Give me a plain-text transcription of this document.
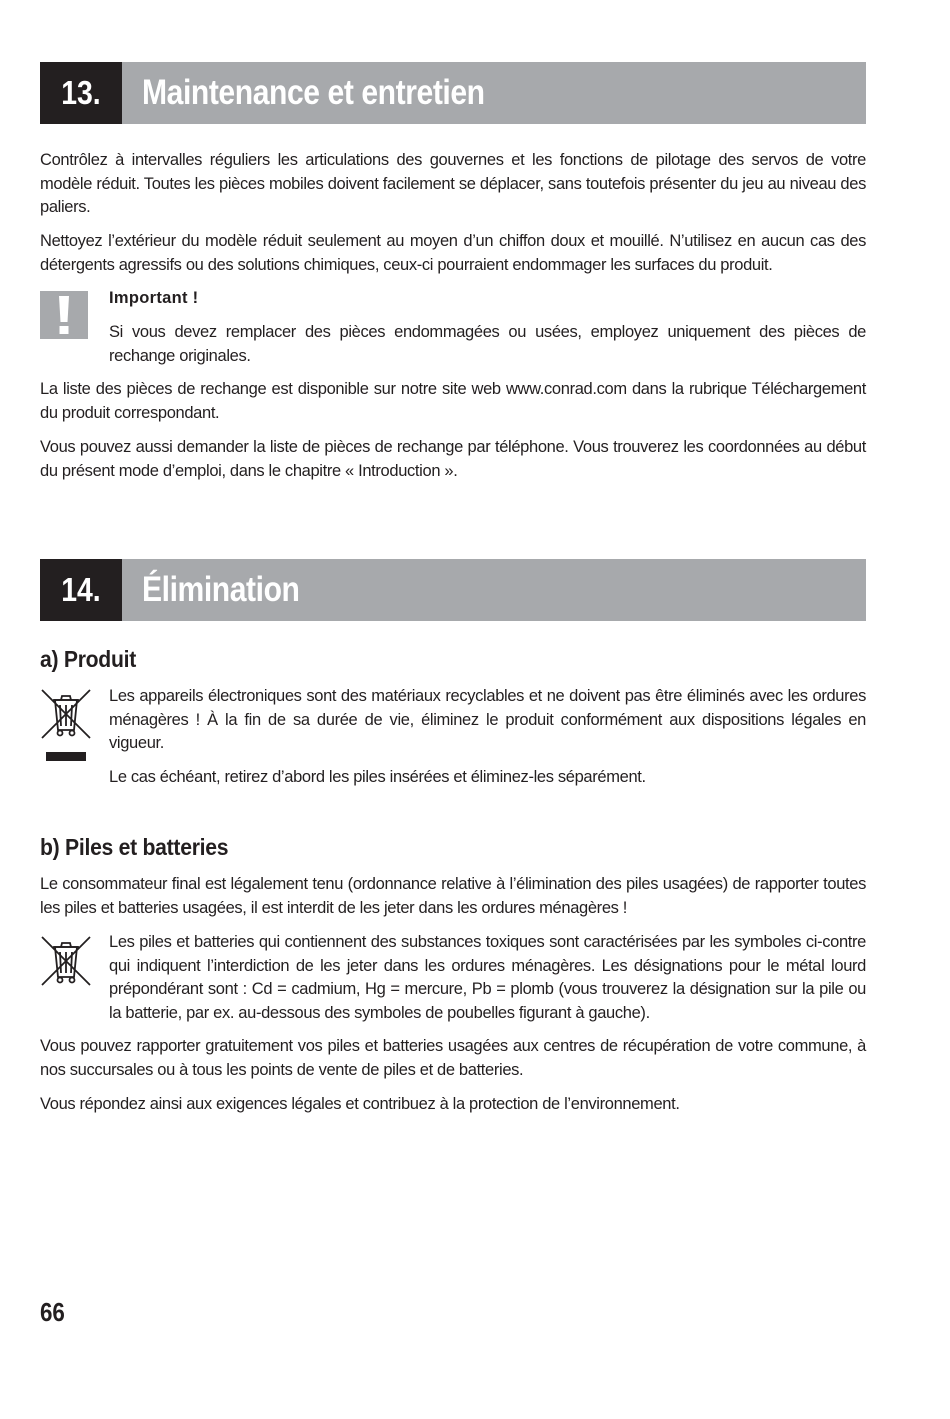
13. Maintenance et entretien

Contrôlez à intervalles réguliers les articulations des gouvernes et les fonctions de pilotage des servos de votre modèle réduit. Toutes les pièces mobiles doivent facilement se déplacer, sans toutefois présenter du jeu au niveau des paliers.

Nettoyez l’extérieur du modèle réduit seulement au moyen d’un chiffon doux et mouillé. N’utilisez en aucun cas des détergents agressifs ou des solutions chimiques, ceux-ci pourraient endommager les surfaces du produit.

Important !

Si vous devez remplacer des pièces endommagées ou usées, employez uniquement des pièces de rechange originales.

La liste des pièces de rechange est disponible sur notre site web www.conrad.com dans la rubrique Téléchargement du produit correspondant.

Vous pouvez aussi demander la liste de pièces de rechange par téléphone. Vous trouverez les coordonnées au début du présent mode d’emploi, dans le chapitre « Introduction ».

14. Élimination
a) Produit

Les appareils électroniques sont des matériaux recyclables et ne doivent pas être éliminés avec les ordures ménagères ! À la fin de sa durée de vie, éliminez le produit conformément aux dispositions légales en vigueur.

Le cas échéant, retirez d’abord les piles insérées et éliminez-les séparément.

b) Piles et batteries

Le consommateur final est légalement tenu (ordonnance relative à l’élimination des piles usagées) de rapporter toutes les piles et batteries usagées, il est interdit de les jeter dans les ordures ménagères !

Les piles et batteries qui contiennent des substances toxiques sont caractérisées par les symboles ci-contre qui indiquent l’interdiction de les jeter dans les ordures ménagères. Les désignations pour le métal lourd prépondérant sont : Cd = cadmium, Hg = mercure, Pb = plomb (vous trouverez la désignation sur la pile ou la batterie, par ex. au-dessous des symboles de poubelles figurant à gauche).

Vous pouvez rapporter gratuitement vos piles et batteries usagées aux centres de récupération de votre commune, à nos succursales ou à tous les points de vente de piles et de batteries.

Vous répondez ainsi aux exigences légales et contribuez à la protection de l’environnement.

66
